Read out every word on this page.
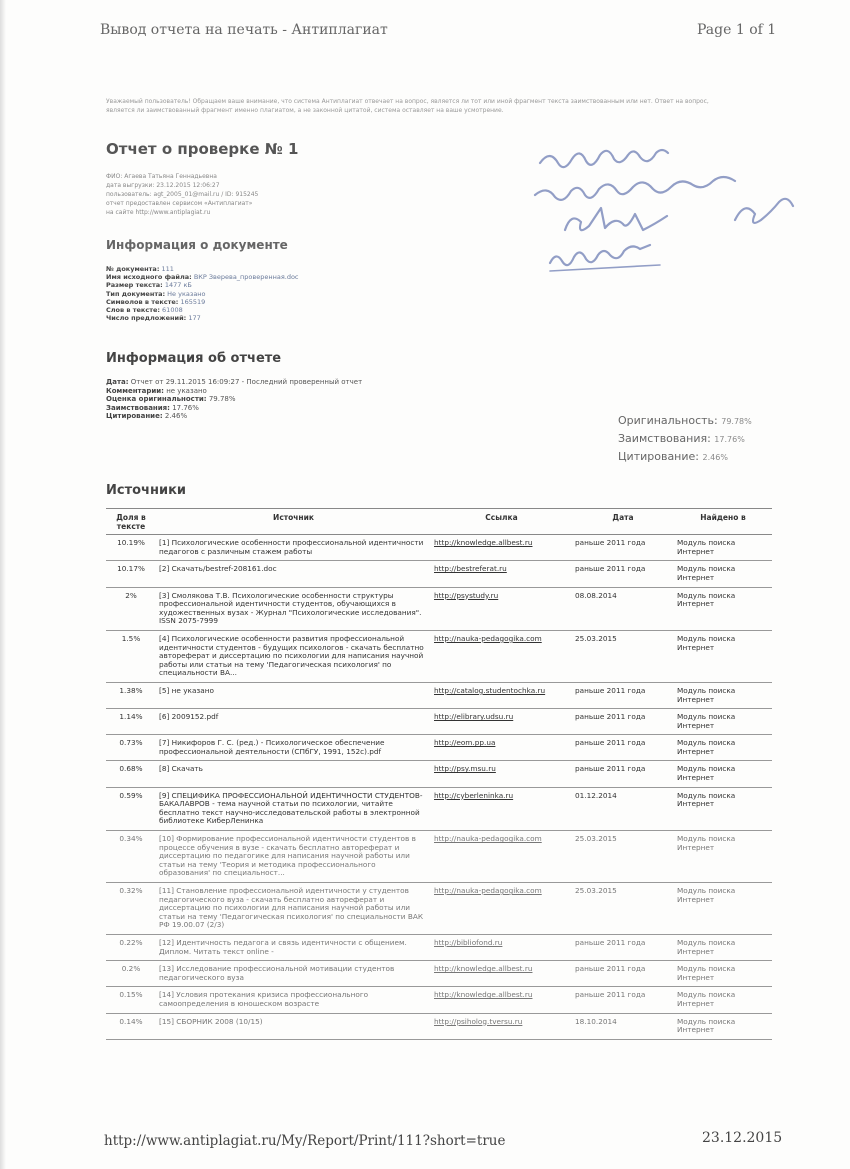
Вывод отчета на печать - Антиплагиат	Page 1 of 1
Уважаемый пользователь! Обращаем ваше внимание, что система Антиплагиат отвечает на вопрос, является ли тот или иной фрагмент текста заимствованным или нет. Ответ на вопрос, является ли заимствованный фрагмент именно плагиатом, а не законной цитатой, система оставляет на ваше усмотрение.
Отчет о проверке № 1
ФИО: Агаева Татьяна Геннадьевна
дата выгрузки: 23.12.2015 12:06:27
пользователь: agt_2005_01@mail.ru / ID: 915245
отчет предоставлен сервисом «Антиплагиат»
на сайте http://www.antiplagiat.ru
Информация о документе
№ документа: 111
Имя исходного файла: ВКР Зверева_проверенная.doc
Размер текста: 1477 кБ
Тип документа: Не указано
Символов в тексте: 165519
Слов в тексте: 61008
Число предложений: 177
Информация об отчете
Дата: Отчет от 29.11.2015 16:09:27 - Последний проверенный отчет
Комментарии: не указано
Оценка оригинальности: 79.78%
Заимствования: 17.76%
Цитирование: 2.46%	Оригинальность: 79.78%
Заимствования: 17.76%
Цитирование: 2.46%
Источники
Доля в тексте	Источник	Ссылка	Дата	Найдено в
10.19%	[1] Психологические особенности профессиональной идентичности педагогов с различным стажем работы	http://knowledge.allbest.ru	раньше 2011 года	Модуль поиска Интернет
10.17%	[2] Скачать/bestref-208161.doc	http://bestreferat.ru	раньше 2011 года	Модуль поиска Интернет
2%	[3] Смолякова Т.В. Психологические особенности структуры профессиональной идентичности студентов, обучающихся в художественных вузах - Журнал "Психологические исследования". ISSN 2075-7999	http://psystudy.ru	08.08.2014	Модуль поиска Интернет
1.5%	[4] Психологические особенности развития профессиональной идентичности студентов - будущих психологов - скачать бесплатно автореферат и диссертацию по психологии для написания научной работы или статьи на тему 'Педагогическая психология' по специальности ВА...	http://nauka-pedagogika.com	25.03.2015	Модуль поиска Интернет
1.38%	[5] не указано	http://catalog.studentochka.ru	раньше 2011 года	Модуль поиска Интернет
1.14%	[6] 2009152.pdf	http://elibrary.udsu.ru	раньше 2011 года	Модуль поиска Интернет
0.73%	[7] Никифоров Г. С. (ред.) - Психологическое обеспечение профессиональной деятельности (СПбГУ, 1991, 152с).pdf	http://eom.pp.ua	раньше 2011 года	Модуль поиска Интернет
0.68%	[8] Скачать	http://psy.msu.ru	раньше 2011 года	Модуль поиска Интернет
0.59%	[9] СПЕЦИФИКА ПРОФЕССИОНАЛЬНОЙ ИДЕНТИЧНОСТИ СТУДЕНТОВ-БАКАЛАВРОВ - тема научной статьи по психологии, читайте бесплатно текст научно-исследовательской работы в электронной библиотеке КиберЛенинка	http://cyberleninka.ru	01.12.2014	Модуль поиска Интернет
0.34%	[10] Формирование профессиональной идентичности студентов в процессе обучения в вузе - скачать бесплатно автореферат и диссертацию по педагогике для написания научной работы или статьи на тему 'Теория и методика профессионального образования' по специальност...	http://nauka-pedagogika.com	25.03.2015	Модуль поиска Интернет
0.32%	[11] Становление профессиональной идентичности у студентов педагогического вуза - скачать бесплатно автореферат и диссертацию по психологии для написания научной работы или статьи на тему 'Педагогическая психология' по специальности ВАК РФ 19.00.07 (2/3)	http://nauka-pedagogika.com	25.03.2015	Модуль поиска Интернет
0.22%	[12] Идентичность педагога и связь идентичности с общением. Диплом. Читать текст online -	http://bibliofond.ru	раньше 2011 года	Модуль поиска Интернет
0.2%	[13] Исследование профессиональной мотивации студентов педагогического вуза	http://knowledge.allbest.ru	раньше 2011 года	Модуль поиска Интернет
0.15%	[14] Условия протекания кризиса профессионального самоопределения в юношеском возрасте	http://knowledge.allbest.ru	раньше 2011 года	Модуль поиска Интернет
0.14%	[15] СБОРНИК 2008 (10/15)	http://psiholog.tversu.ru	18.10.2014	Модуль поиска Интернет
http://www.antiplagiat.ru/My/Report/Print/111?short=true	23.12.2015
